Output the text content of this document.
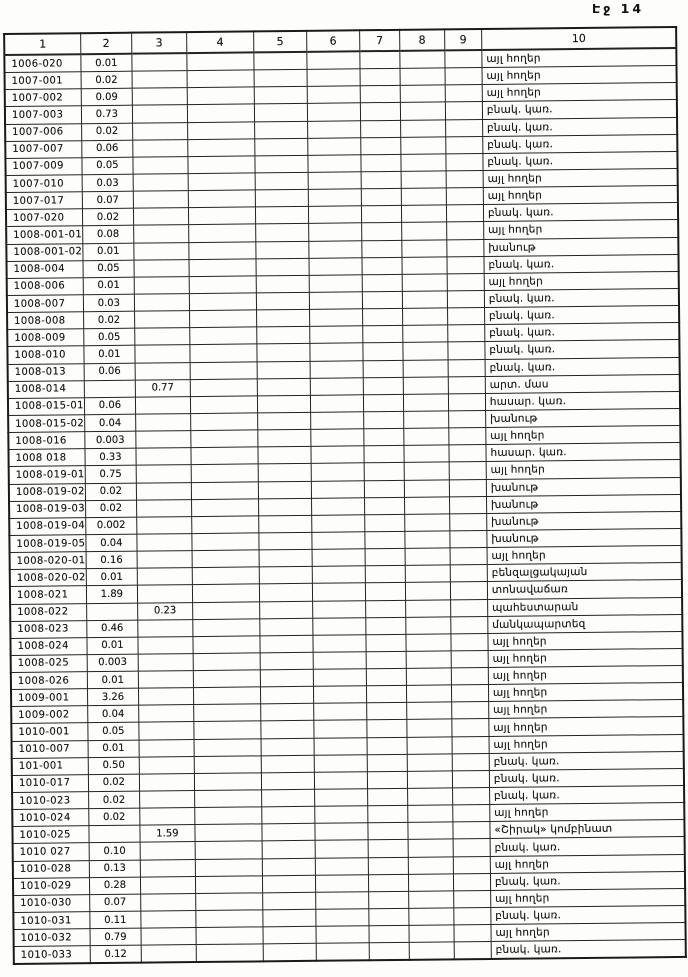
Էջ 14
1	2	3	4	5	6	7	8	9	10
1006-020	0.01								այլ հողեր
1007-001	0.02								այլ հողեր
1007-002	0.09								այլ հողեր
1007-003	0.73								բնակ. կառ.
1007-006	0.02								բնակ. կառ.
1007-007	0.06								բնակ. կառ.
1007-009	0.05								բնակ. կառ.
1007-010	0.03								այլ հողեր
1007-017	0.07								այլ հողեր
1007-020	0.02								բնակ. կառ.
1008-001-01	0.08								այլ հողեր
1008-001-02	0.01								խանութ
1008-004	0.05								բնակ. կառ.
1008-006	0.01								այլ հողեր
1008-007	0.03								բնակ. կառ.
1008-008	0.02								բնակ. կառ.
1008-009	0.05								բնակ. կառ.
1008-010	0.01								բնակ. կառ.
1008-013	0.06								բնակ. կառ.
1008-014		0.77							արտ. մաս
1008-015-01	0.06								հասար. կառ.
1008-015-02	0.04								խանութ
1008-016	0.003								այլ հողեր
1008 018	0.33								հասար. կառ.
1008-019-01	0.75								այլ հողեր
1008-019-02	0.02								խանութ
1008-019-03	0.02								խանութ
1008-019-04	0.002								խանութ
1008-019-05	0.04								խանութ
1008-020-01	0.16								այլ հողեր
1008-020-02	0.01								բենզալցակայան
1008-021	1.89								տոնավաճառ
1008-022		0.23							պահեստարան
1008-023	0.46								մանկապարտեզ
1008-024	0.01								այլ հողեր
1008-025	0.003								այլ հողեր
1008-026	0.01								այլ հողեր
1009-001	3.26								այլ հողեր
1009-002	0.04								այլ հողեր
1010-001	0.05								այլ հողեր
1010-007	0.01								այլ հողեր
101-001	0.50								բնակ. կառ.
1010-017	0.02								բնակ. կառ.
1010-023	0.02								բնակ. կառ.
1010-024	0.02								այլ հողեր
1010-025		1.59							«Շիրակ» կոմբինատ
1010 027	0.10								բնակ. կառ.
1010-028	0.13								այլ հողեր
1010-029	0.28								բնակ. կառ.
1010-030	0.07								այլ հողեր
1010-031	0.11								բնակ. կառ.
1010-032	0.79								այլ հողեր
1010-033	0.12								բնակ. կառ.
